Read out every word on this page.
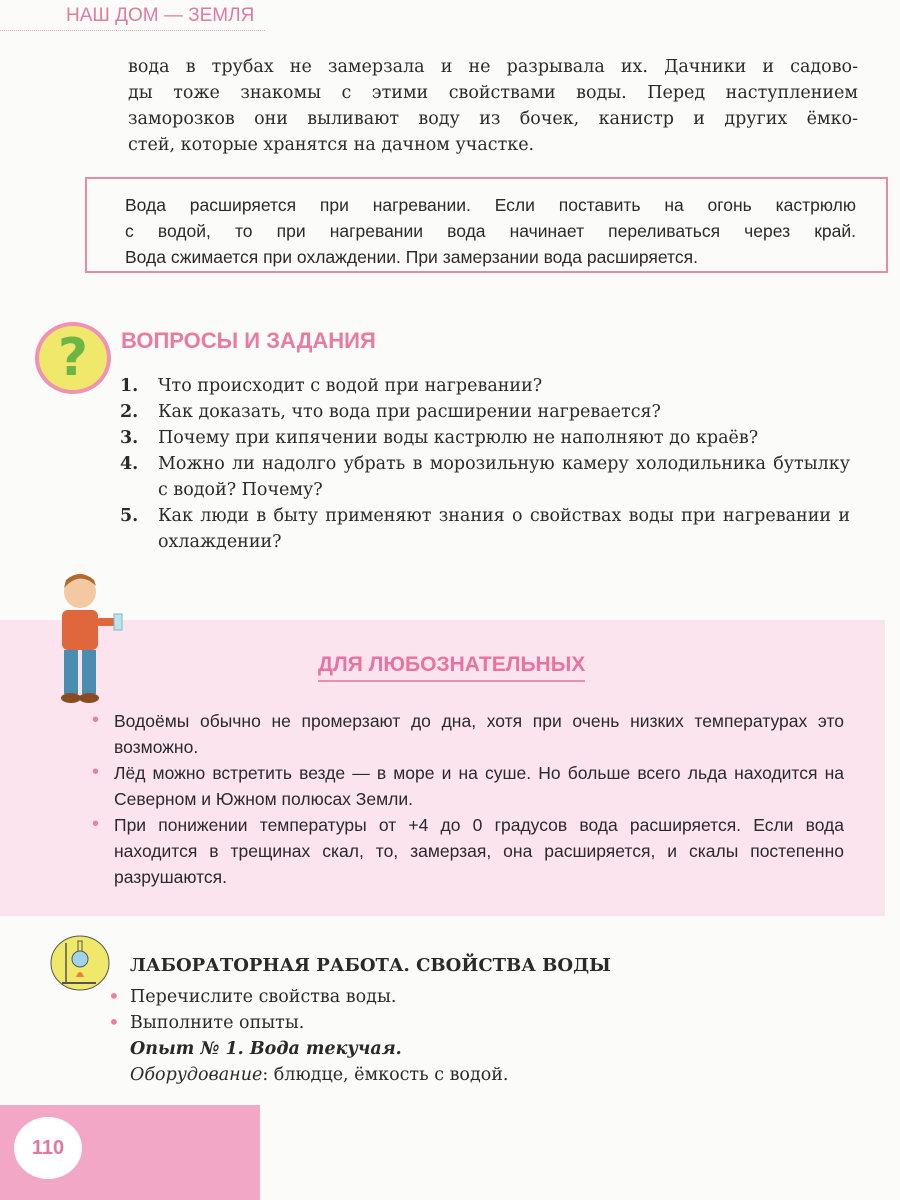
НАШ ДОМ — ЗЕМЛЯ
вода в трубах не замерзала и не разрывала их. Дачники и садово-
ды тоже знакомы с этими свойствами воды. Перед наступлением
заморозков они выливают воду из бочек, канистр и других ёмко-
стей, которые хранятся на дачном участке.
Вода расширяется при нагревании. Если поставить на огонь кастрюлю
с водой, то при нагревании вода начинает переливаться через край.
Вода сжимается при охлаждении. При замерзании вода расширяется.
?	ВОПРОСЫ И ЗАДАНИЯ
1.	Что происходит с водой при нагревании?
2.	Как доказать, что вода при расширении нагревается?
3.	Почему при кипячении воды кастрюлю не наполняют до краёв?
4.	Можно ли надолго убрать в морозильную камеру холодильника бутылку с водой? Почему?
5.	Как люди в быту применяют знания о свойствах воды при нагревании и охлаждении?
ДЛЯ ЛЮБОЗНАТЕЛЬНЫХ
• Водоёмы обычно не промерзают до дна, хотя при очень низких температурах это возможно.
• Лёд можно встретить везде — в море и на суше. Но больше всего льда находится на Северном и Южном полюсах Земли.
• При понижении температуры от +4 до 0 градусов вода расширяется. Если вода находится в трещинах скал, то, замерзая, она расширяется, и скалы постепенно разрушаются.
ЛАБОРАТОРНАЯ РАБОТА. СВОЙСТВА ВОДЫ
• Перечислите свойства воды.
• Выполните опыты.
Опыт № 1. Вода текучая.
Оборудование: блюдце, ёмкость с водой.
110
